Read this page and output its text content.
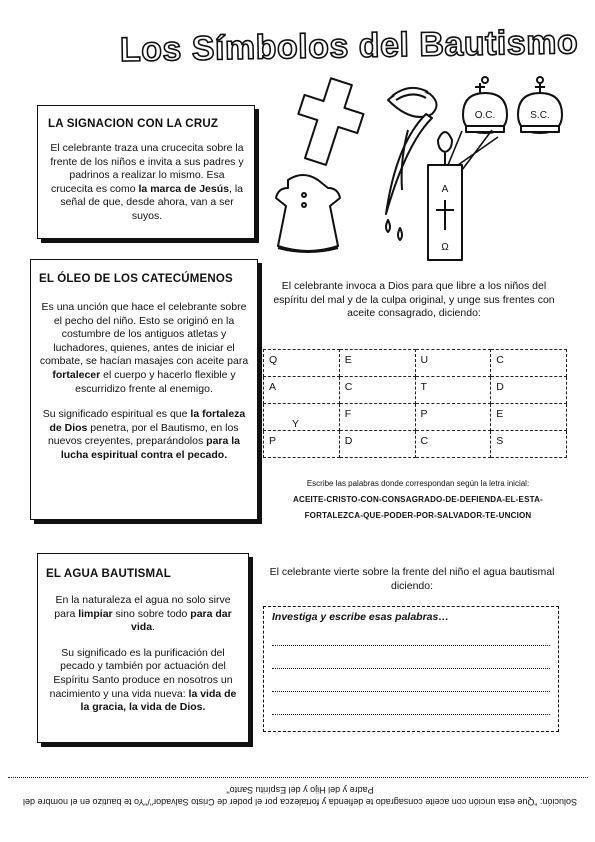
Los Símbolos del Bautismo
LA SIGNACION CON LA CRUZ

El celebrante traza una crucecita sobre la frente de los niños e invita a sus padres y padrinos a realizar lo mismo. Esa crucecita es como la marca de Jesús, la señal de que, desde ahora, van a ser suyos.

EL ÓLEO DE LOS CATECÚMENOS

Es una unción que hace el celebrante sobre el pecho del niño. Esto se originó en la costumbre de los antiguos atletas y luchadores, quienes, antes de iniciar el combate, se hacían masajes con aceite para fortalecer el cuerpo y hacerlo flexible y escurridizo frente al enemigo.

Su significado espiritual es que la fortaleza de Dios penetra, por el Bautismo, en los nuevos creyentes, preparándolos para la lucha espiritual contra el pecado.

EL AGUA BAUTISMAL

En la naturaleza el agua no solo sirve para limpiar sino sobre todo para dar vida.

Su significado es la purificación del pecado y también por actuación del Espíritu Santo produce en nosotros un nacimiento y una vida nueva: la vida de la gracia, la vida de Dios.

O.C.	S.C.
A
Ω
El celebrante invoca a Dios para que libre a los niños del espíritu del mal y de la culpa original, y unge sus frentes con aceite consagrado, diciendo:
Q	E	U	C

A	C	T	D

Y	F	P	E

P	D	C	S
Escribe las palabras donde correspondan según la letra inicial:
ACEITE-CRISTO-CON-CONSAGRADO-DE-DEFIENDA-EL-ESTA-
FORTALEZCA-QUE-PODER-POR-SALVADOR-TE-UNCION
El celebrante vierte sobre la frente del niño el agua bautismal diciendo:
Investiga y escribe esas palabras…
Solución: "Que esta unción con aceite consagrado te defienda y fortalezca por el poder de Cristo Salvador"/"Yo te bautizo en el nombre del Padre y del Hijo y del Espíritu Santo"
